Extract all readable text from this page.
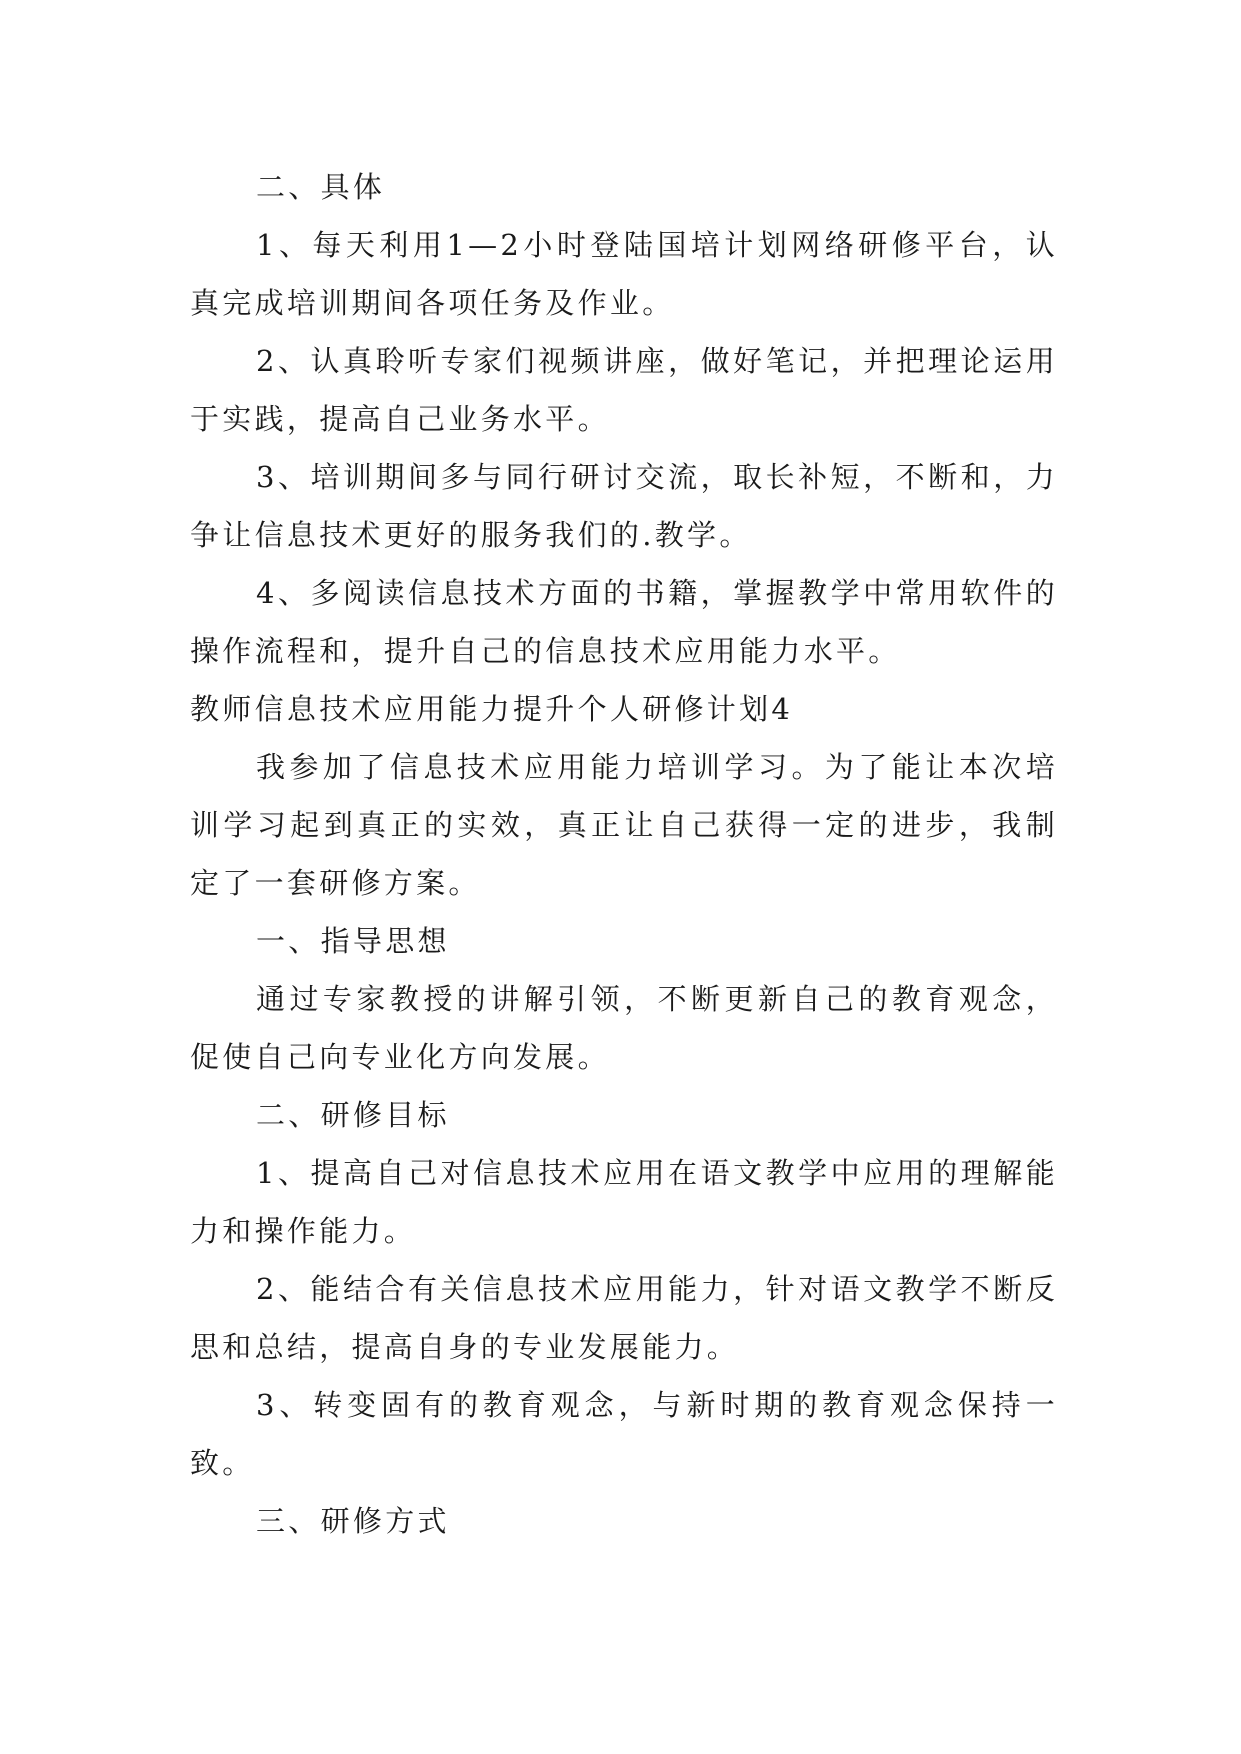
二、具体

1、每天利用1—2小时登陆国培计划网络研修平台，认真完成培训期间各项任务及作业。

2、认真聆听专家们视频讲座，做好笔记，并把理论运用于实践，提高自己业务水平。

3、培训期间多与同行研讨交流，取长补短，不断和，力争让信息技术更好的服务我们的.教学。

4、多阅读信息技术方面的书籍，掌握教学中常用软件的操作流程和，提升自己的信息技术应用能力水平。

教师信息技术应用能力提升个人研修计划4

我参加了信息技术应用能力培训学习。为了能让本次培训学习起到真正的实效，真正让自己获得一定的进步，我制定了一套研修方案。

一、指导思想

通过专家教授的讲解引领，不断更新自己的教育观念，促使自己向专业化方向发展。

二、研修目标

1、提高自己对信息技术应用在语文教学中应用的理解能力和操作能力。

2、能结合有关信息技术应用能力，针对语文教学不断反思和总结，提高自身的专业发展能力。

3、转变固有的教育观念，与新时期的教育观念保持一致。

三、研修方式
